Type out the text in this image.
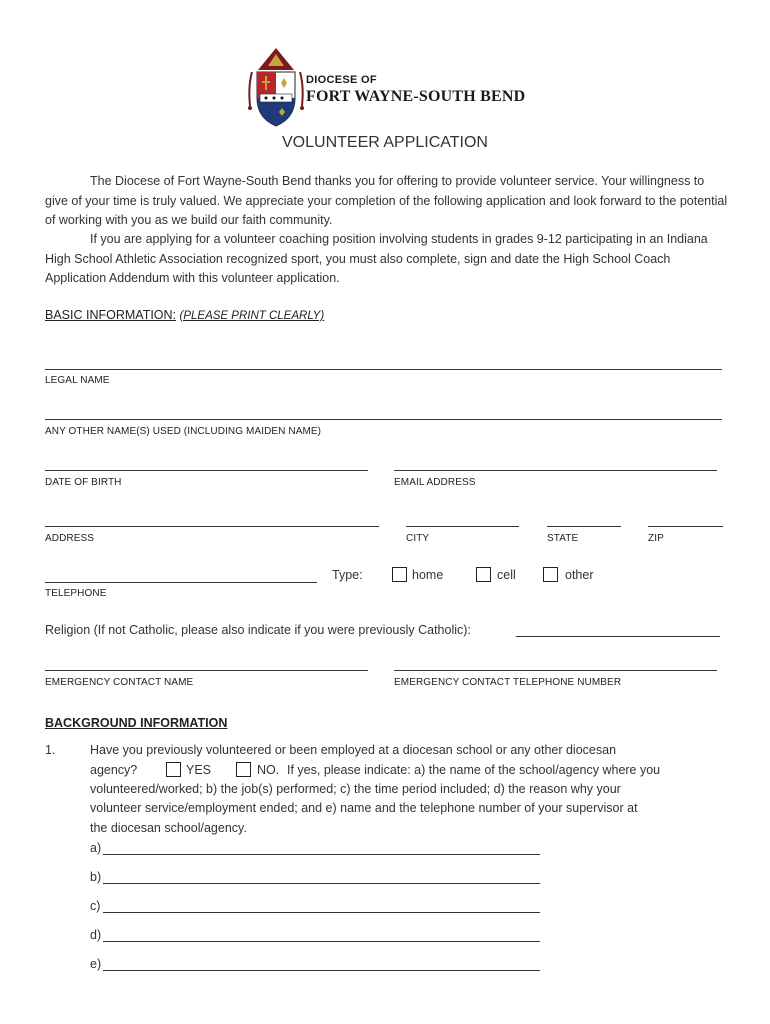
DIOCESE OF
FORT WAYNE-SOUTH BEND
VOLUNTEER APPLICATION
The Diocese of Fort Wayne-South Bend thanks you for offering to provide volunteer service. Your willingness to give of your time is truly valued. We appreciate your completion of the following application and look forward to the potential of working with you as we build our faith community.
If you are applying for a volunteer coaching position involving students in grades 9-12 participating in an Indiana High School Athletic Association recognized sport, you must also complete, sign and date the High School Coach Application Addendum with this volunteer application.
BASIC INFORMATION: (PLEASE PRINT CLEARLY)
LEGAL NAME
ANY OTHER NAME(S) USED (INCLUDING MAIDEN NAME)
DATE OF BIRTH	EMAIL ADDRESS
ADDRESS	CITY	STATE	ZIP
TELEPHONE
Type:	home	cell	other
Religion (If not Catholic, please also indicate if you were previously Catholic):
EMERGENCY CONTACT NAME	EMERGENCY CONTACT TELEPHONE NUMBER
BACKGROUND INFORMATION
1.	Have you previously volunteered or been employed at a diocesan school or any other diocesan
agency?	YES	NO. If yes, please indicate: a) the name of the school/agency where you
volunteered/worked; b) the job(s) performed; c) the time period included; d) the reason why your
volunteer service/employment ended; and e) name and the telephone number of your supervisor at
the diocesan school/agency.
a)
b)
c)
d)
e)
